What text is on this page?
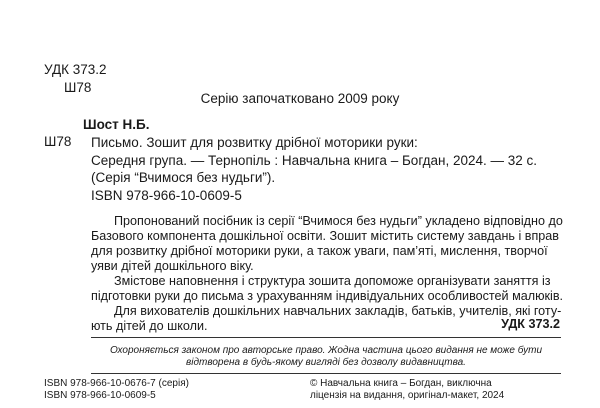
УДК 373.2
Ш78
Серію започатковано 2009 року
Шост Н.Б.
Ш78 Письмо. Зошит для розвитку дрібної моторики руки:
Середня група. — Тернопіль : Навчальна книга – Богдан, 2024. — 32 с.
(Серія “Вчимося без нудьги”).
ISBN 978-966-10-0609-5

Пропонований посібник із серії “Вчимося без нудьги” укладено відповідно до

Базового компонента дошкільної освіти. Зошит містить систему завдань і вправ

для розвитку дрібної моторики руки, а також уваги, пам’яті, мислення, творчої

уяви дітей дошкільного віку.

Змістове наповнення і структура зошита допоможе організувати заняття із

підготовки руки до письма з урахуванням індивідуальних особливостей малюків.

Для вихователів дошкільних навчальних закладів, батьків, учителів, які готу-

ють дітей до школи.	УДК 373.2
Охороняється законом про авторське право. Жодна частина цього видання не може бути відтворена в будь-якому вигляді без дозволу видавництва.
ISBN 978-966-10-0676-7 (серія)
ISBN 978-966-10-0609-5
© Навчальна книга – Богдан, виключна
ліцензія на видання, оригінал-макет, 2024
